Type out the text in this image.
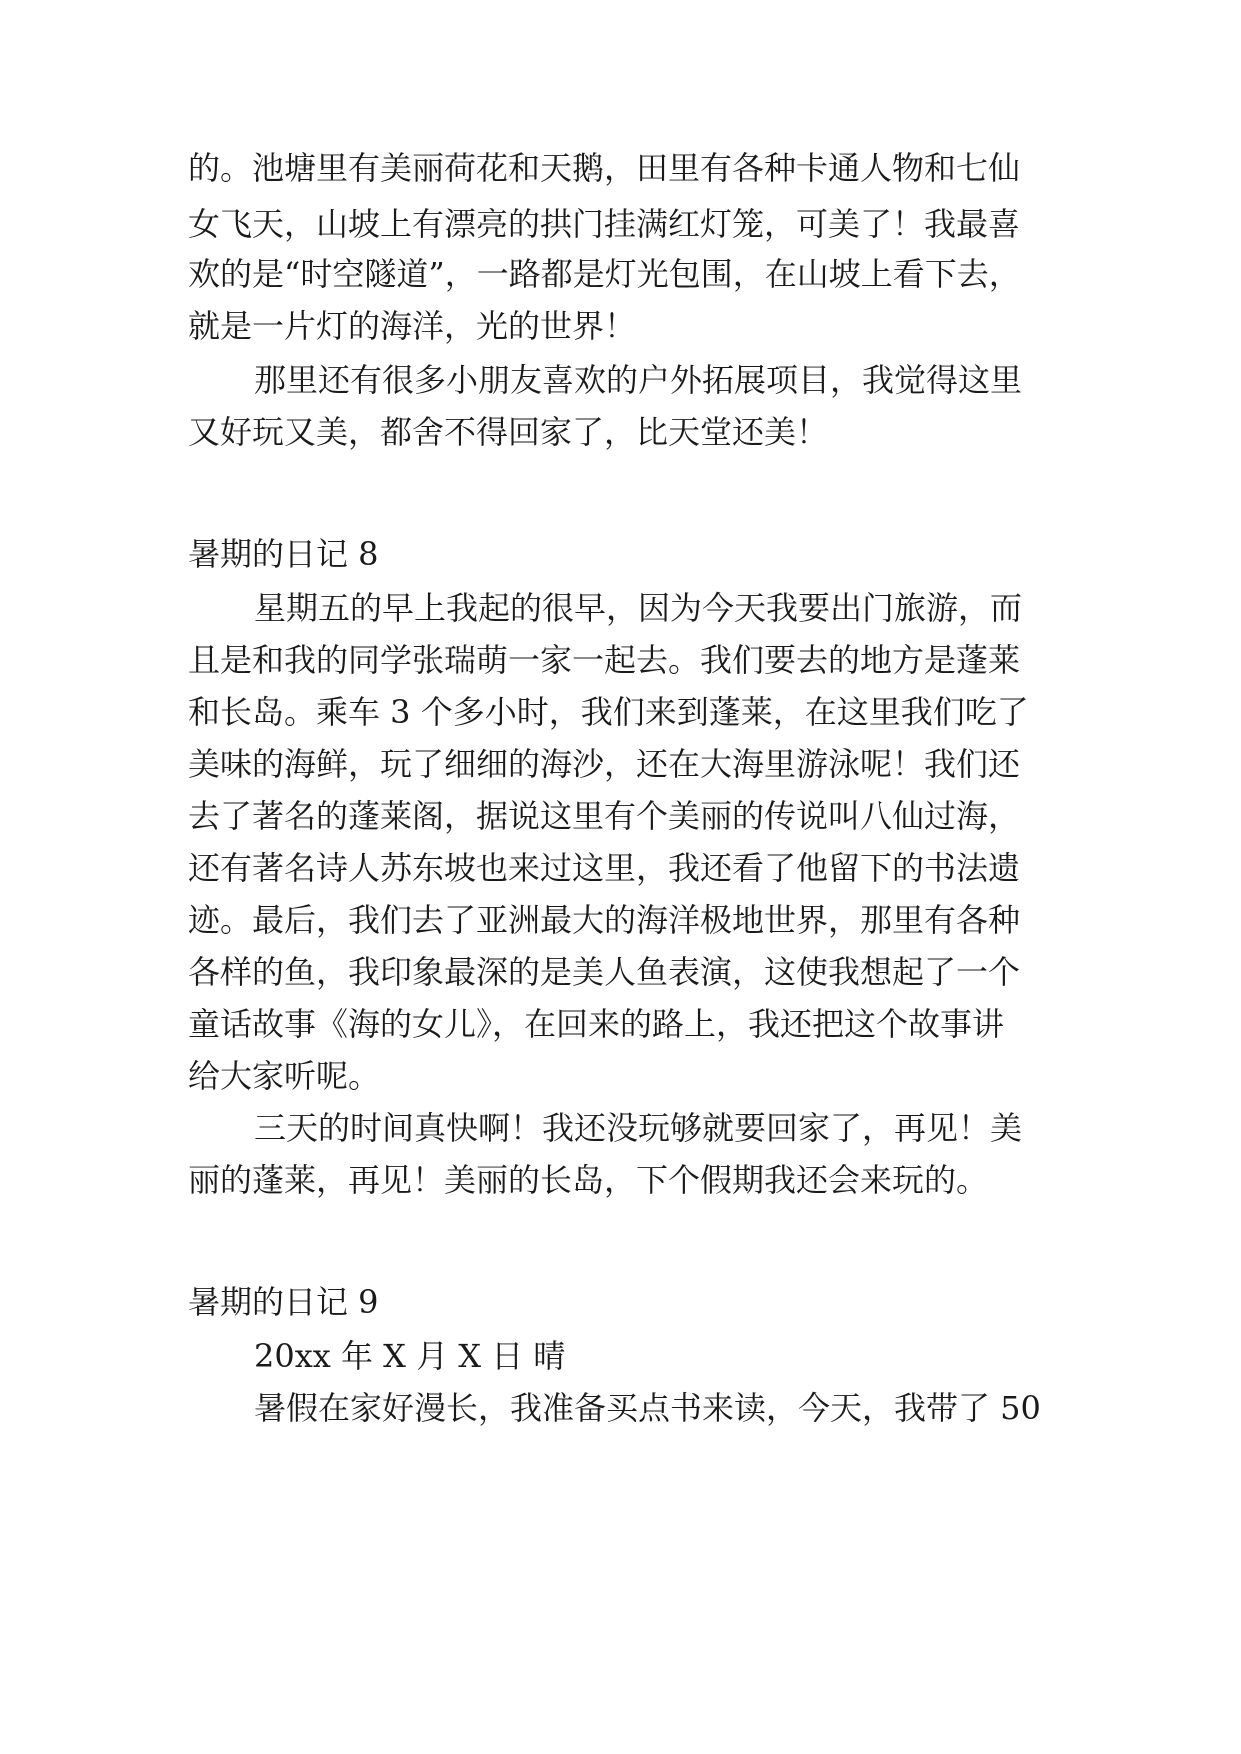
的。池塘里有美丽荷花和天鹅，田里有各种卡通人物和七仙
女飞天，山坡上有漂亮的拱门挂满红灯笼，可美了！我最喜
欢的是“时空隧道”，一路都是灯光包围，在山坡上看下去，
就是一片灯的海洋，光的世界！
那里还有很多小朋友喜欢的户外拓展项目，我觉得这里
又好玩又美，都舍不得回家了，比天堂还美！
暑期的日记 8
星期五的早上我起的很早，因为今天我要出门旅游，而
且是和我的同学张瑞萌一家一起去。我们要去的地方是蓬莱
和长岛。乘车 3 个多小时，我们来到蓬莱，在这里我们吃了
美味的海鲜，玩了细细的海沙，还在大海里游泳呢！我们还
去了著名的蓬莱阁，据说这里有个美丽的传说叫八仙过海，
还有著名诗人苏东坡也来过这里，我还看了他留下的书法遗
迹。最后，我们去了亚洲最大的海洋极地世界，那里有各种
各样的鱼，我印象最深的是美人鱼表演，这使我想起了一个
童话故事《海的女儿》，在回来的路上，我还把这个故事讲
给大家听呢。
三天的时间真快啊！我还没玩够就要回家了，再见！美
丽的蓬莱，再见！美丽的长岛，下个假期我还会来玩的。
暑期的日记 9
20xx 年 X 月 X 日 晴
暑假在家好漫长，我准备买点书来读，今天，我带了 50
